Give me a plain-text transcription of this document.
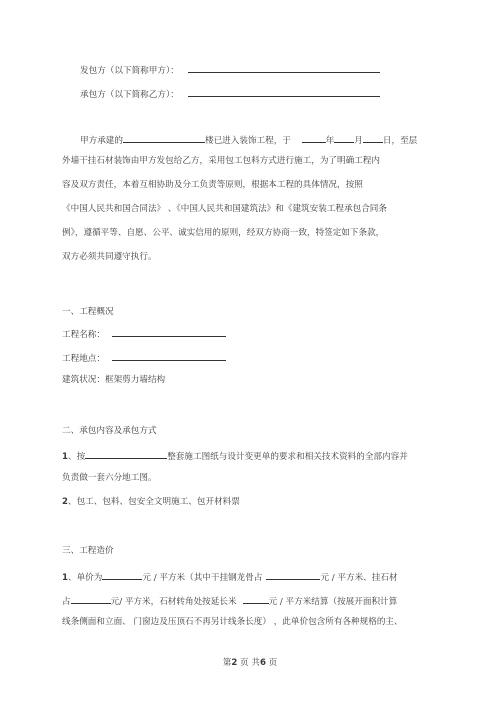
发包方（以下简称甲方）：
承包方（以下简称乙方）：
甲方承建的	楼已进入装饰工程，于	年 月 日，至层
外墙干挂石材装饰由甲方发包给乙方，采用包工包料方式进行施工，为了明确工程内
容及双方责任，本着互相协助及分工负责等原则，根据本工程的具体情况，按照
《中国人民共和国合同法》 、《中国人民共和国建筑法》和《建筑安装工程承包合同条
例》，遵循平等、自愿、公平、诚实信用的原则，经双方协商一致，特签定如下条款，
双方必须共同遵守执行。
一、工程概况
工程名称：
工程地点：
建筑状况：框架剪力墙结构
二、承包内容及承包方式
1、按	整套施工图纸与设计变更单的要求和相关技术资料的全部内容并
负责做一套六分地工图。
2、包工、包料、包安全文明施工、包开材料票
三、工程造价
1、单价为	元 / 平方米（其中干挂钢龙骨占	元 / 平方米、挂石材
占	元/ 平方米，石材转角处按延长米	元 / 平方米结算（按展开面积计算
线条侧面和立面、 门窗边及压顶石不再另计线条长度） ，此单价包含所有各种规格的主、
第2 页 共6 页
